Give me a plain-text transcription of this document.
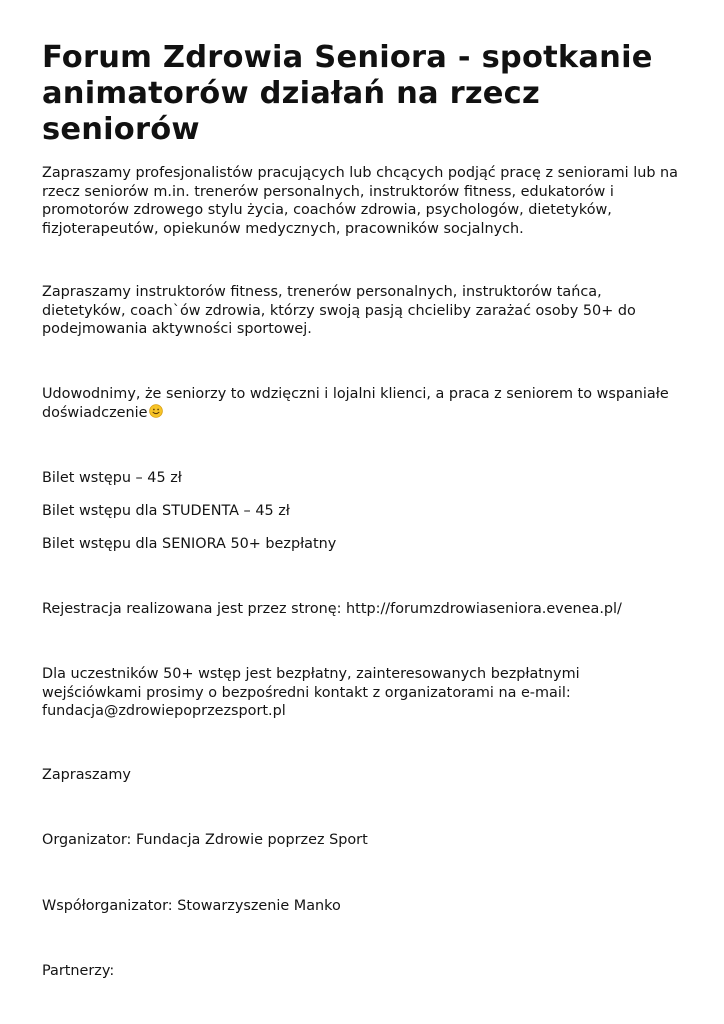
Forum Zdrowia Seniora - spotkanie animatorów działań na rzecz seniorów

Zapraszamy profesjonalistów pracujących lub chcących podjąć pracę z seniorami lub na rzecz seniorów m.in. trenerów personalnych, instruktorów fitness, edukatorów i promotorów zdrowego stylu życia, coachów zdrowia, psychologów, dietetyków, fizjoterapeutów, opiekunów medycznych, pracowników socjalnych.

Zapraszamy instruktorów fitness, trenerów personalnych, instruktorów tańca, dietetyków, coach`ów zdrowia, którzy swoją pasją chcieliby zarażać osoby 50+ do podejmowania aktywności sportowej.

Udowodnimy, że seniorzy to wdzięczni i lojalni klienci, a praca z seniorem to wspaniałe doświadczenie

Bilet wstępu – 45 zł

Bilet wstępu dla STUDENTA – 45 zł

Bilet wstępu dla SENIORA 50+ bezpłatny

Rejestracja realizowana jest przez stronę: http://forumzdrowiaseniora.evenea.pl/

Dla uczestników 50+ wstęp jest bezpłatny, zainteresowanych bezpłatnymi wejściówkami prosimy o bezpośredni kontakt z organizatorami na e-mail: fundacja@zdrowiepoprzezsport.pl

Zapraszamy

Organizator: Fundacja Zdrowie poprzez Sport

Współorganizator: Stowarzyszenie Manko

Partnerzy:
